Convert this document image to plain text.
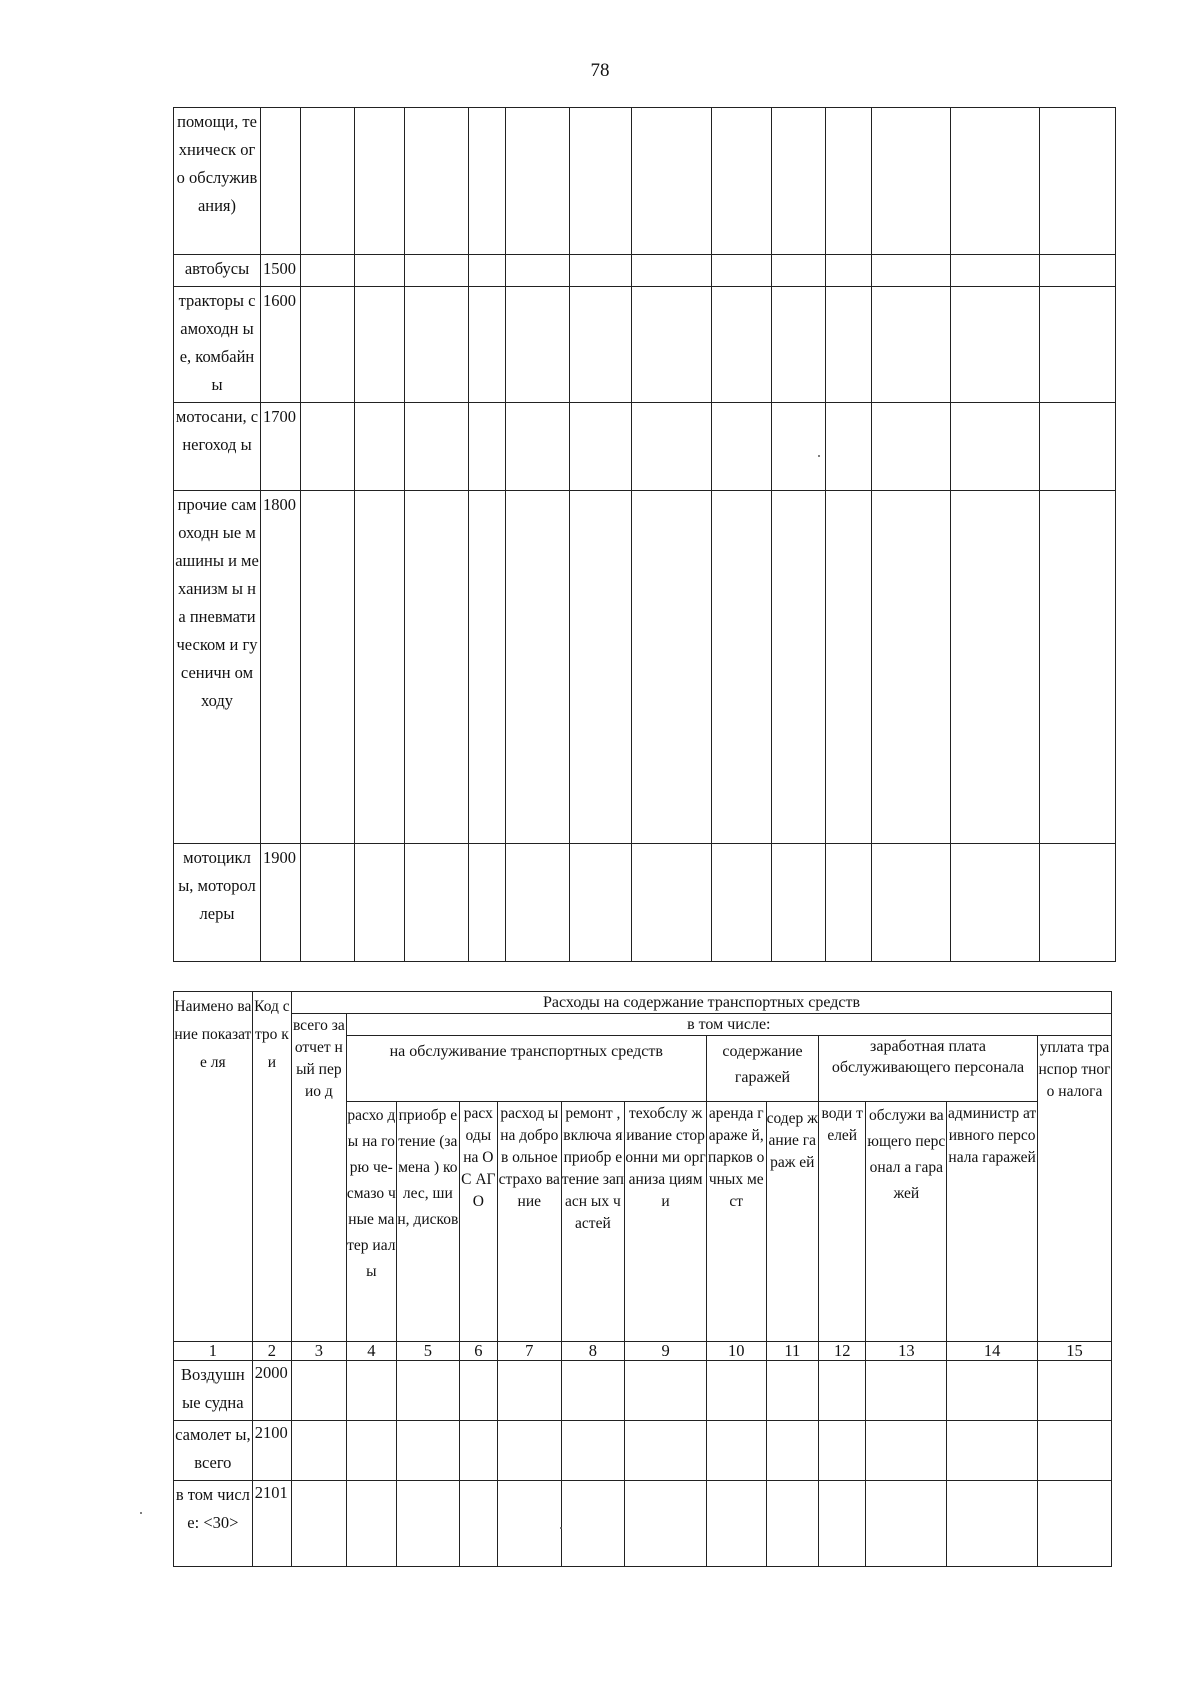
78
помощи, техническ ого обслужив ания)														
автобусы	1500													
тракторы самоходн ые, комбайны	1600													
мотосани, снегоход ы	1700													
прочие самоходн ые машины и механизм ы на пневмати ческом и гусеничн ом ходу	1800													
мотоцикл ы, мотороллеры	1900													
Наимено вание показате ля	Код стро ки	Расходы на содержание транспортных средств												
		всего за отчет ный перио д	в том числе:											
			на обслуживание транспортных средств						содержание гаражей		заработная плата обслуживающего персонала			уплата транспор тного налога
			расхо ды на горю че- смазо чные матер иалы	приобр етение (замена ) колес, шин, дисков	расх оды на ОС АГ О	расход ы на добров ольное страхо вание	ремонт , включа я приобр етение запасн ых частей	техобслу живание сторонни ми организа циями	аренда гараже й, парков очных мест	содер жание гараж ей	води телей	обслужи вающего персонал а гаражей	администр ативного персонала гаражей	
1	2	3	4	5	6	7	8	9	10	11	12	13	14	15
Воздушн ые судна	2000													
самолет ы, всего	2100													
в том числе: <30>	2101													
